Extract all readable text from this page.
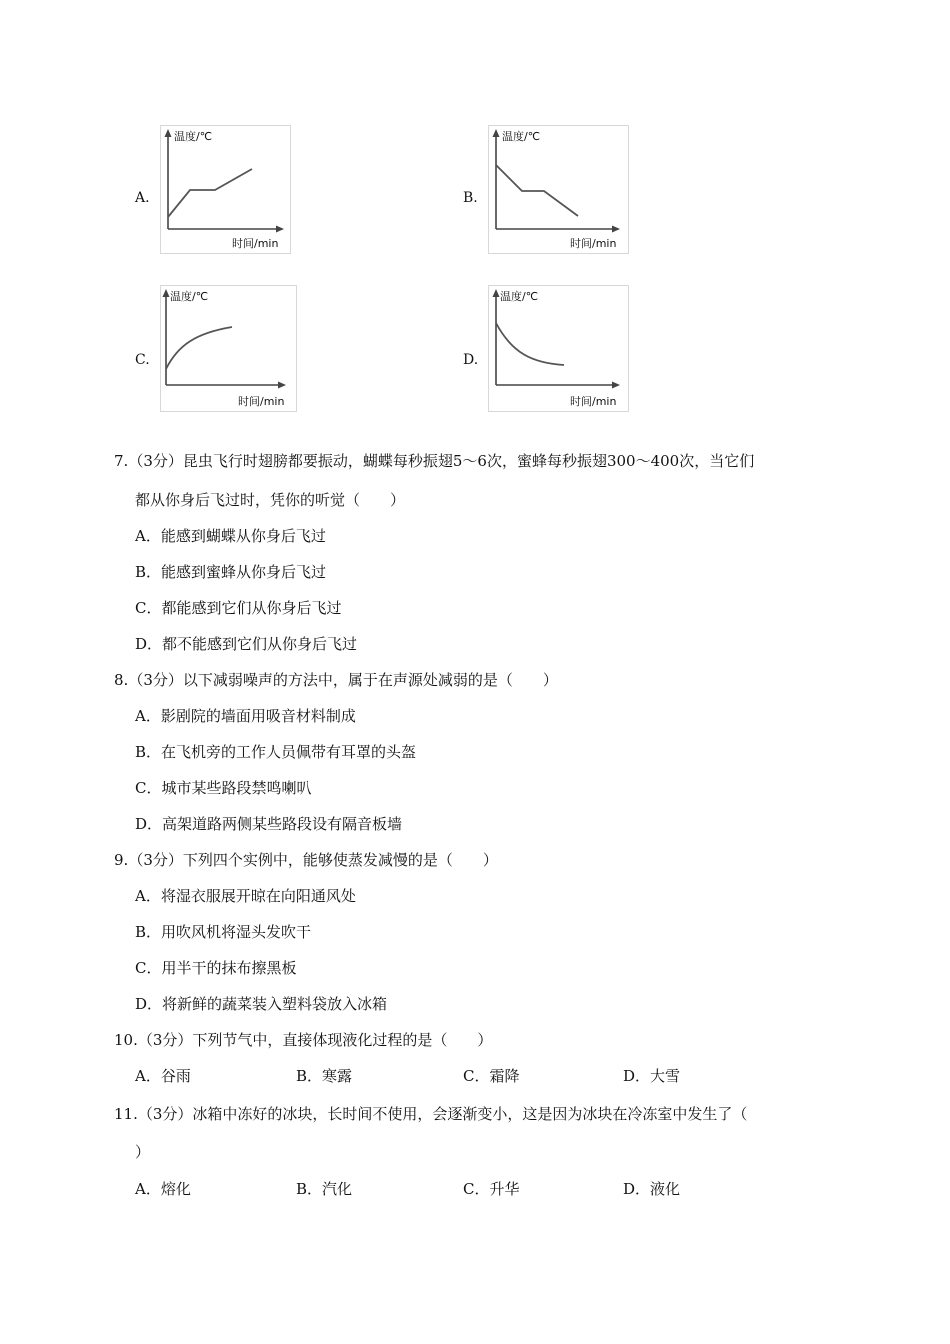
A.
温度/℃
时间/min
B.
温度/℃
时间/min
C.
温度/℃
时间/min
D.
温度/℃
时间/min
7.（3分）昆虫飞行时翅膀都要振动，蝴蝶每秒振翅5～6次，蜜蜂每秒振翅300～400次，当它们
都从你身后飞过时，凭你的听觉（　　）
A．能感到蝴蝶从你身后飞过
B．能感到蜜蜂从你身后飞过
C．都能感到它们从你身后飞过
D．都不能感到它们从你身后飞过
8.（3分）以下减弱噪声的方法中，属于在声源处减弱的是（　　）
A．影剧院的墙面用吸音材料制成
B．在飞机旁的工作人员佩带有耳罩的头盔
C．城市某些路段禁鸣喇叭
D．高架道路两侧某些路段设有隔音板墙
9.（3分）下列四个实例中，能够使蒸发减慢的是（　　）
A．将湿衣服展开晾在向阳通风处
B．用吹风机将湿头发吹干
C．用半干的抹布擦黑板
D．将新鲜的蔬菜装入塑料袋放入冰箱
10.（3分）下列节气中，直接体现液化过程的是（　　）
A．谷雨	B．寒露	C．霜降	D．大雪
11.（3分）冰箱中冻好的冰块，长时间不使用，会逐渐变小，这是因为冰块在冷冻室中发生了（
）
A．熔化	B．汽化	C．升华	D．液化
